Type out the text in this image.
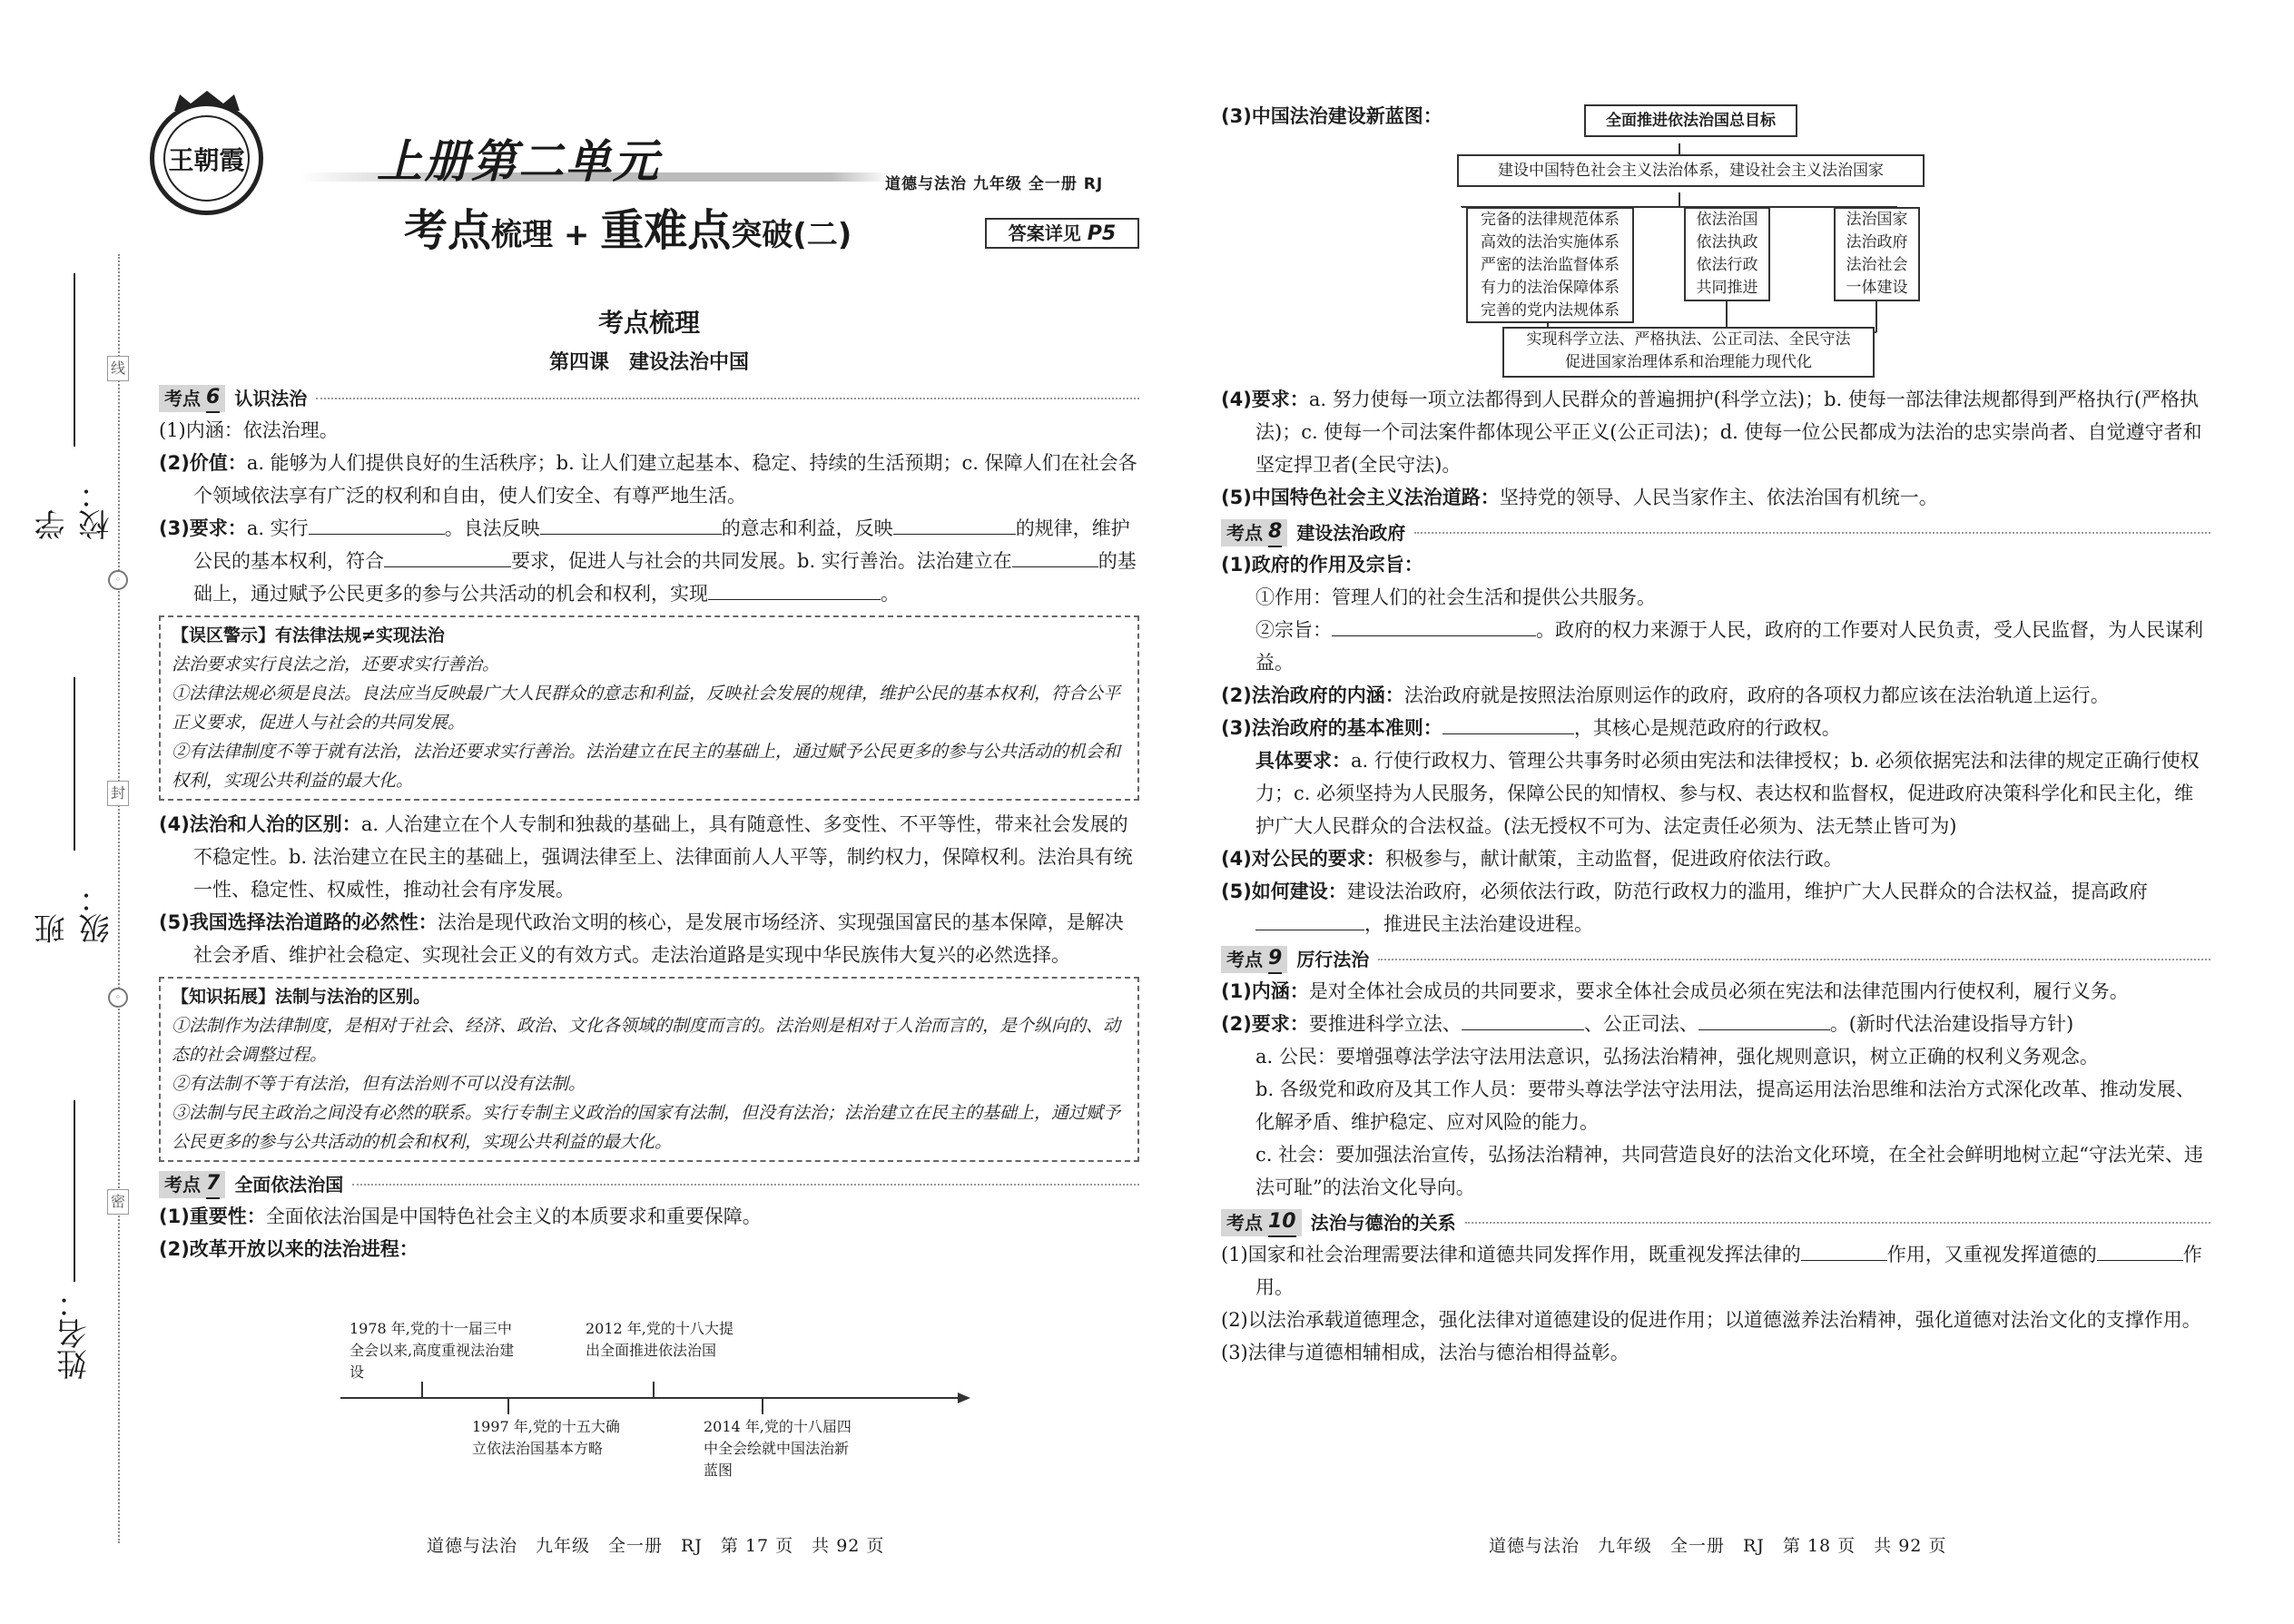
线
◦
封
◦
密
学校：
班级：
姓名：
王朝霞	上册第二单元
考点梳理 + 重难点突破(二)
道德与法治 九年级 全一册 RJ
答案详见 P5
考点梳理
第四课　建设法治中国
考点 6 认识法治

(1)内涵：依法治理。

(2)价值：a. 能够为人们提供良好的生活秩序；b. 让人们建立起基本、稳定、持续的生活预期；c. 保障人们在社会各个领域依法享有广泛的权利和自由，使人们安全、有尊严地生活。

(3)要求：a. 实行	。良法反映	的意志和利益，反映	的规律，维护公民的基本权利，符合	要求，促进人与社会的共同发展。b. 实行善治。法治建立在	的基础上，通过赋予公民更多的参与公共活动的机会和权利，实现	。

【误区警示】有法律法规≠实现法治

法治要求实行良法之治，还要求实行善治。

①法律法规必须是良法。良法应当反映最广大人民群众的意志和利益，反映社会发展的规律，维护公民的基本权利，符合公平正义要求，促进人与社会的共同发展。

②有法律制度不等于就有法治，法治还要求实行善治。法治建立在民主的基础上，通过赋予公民更多的参与公共活动的机会和权利，实现公共利益的最大化。

(4)法治和人治的区别：a. 人治建立在个人专制和独裁的基础上，具有随意性、多变性、不平等性，带来社会发展的不稳定性。b. 法治建立在民主的基础上，强调法律至上、法律面前人人平等，制约权力，保障权利。法治具有统一性、稳定性、权威性，推动社会有序发展。

(5)我国选择法治道路的必然性：法治是现代政治文明的核心，是发展市场经济、实现强国富民的基本保障，是解决社会矛盾、维护社会稳定、实现社会正义的有效方式。走法治道路是实现中华民族伟大复兴的必然选择。

【知识拓展】法制与法治的区别。

①法制作为法律制度，是相对于社会、经济、政治、文化各领域的制度而言的。法治则是相对于人治而言的，是个纵向的、动态的社会调整过程。

②有法制不等于有法治，但有法治则不可以没有法制。

③法制与民主政治之间没有必然的联系。实行专制主义政治的国家有法制，但没有法治；法治建立在民主的基础上，通过赋予公民更多的参与公共活动的机会和权利，实现公共利益的最大化。

考点 7 全面依法治国

(1)重要性：全面依法治国是中国特色社会主义的本质要求和重要保障。

(2)改革开放以来的法治进程：

1978 年,党的十一届三中全会以来,高度重视法治建设
1997 年,党的十五大确立依法治国基本方略
2012 年,党的十八大提出全面推进依法治国
2014 年,党的十八届四中全会绘就中国法治新蓝图
道德与法治　九年级　全一册　RJ　第 17 页　共 92 页

(3)中国法治建设新蓝图：	全面推进依法治国总目标
建设中国特色社会主义法治体系，建设社会主义法治国家
完备的法律规范体系
高效的法治实施体系
严密的法治监督体系
有力的法治保障体系
完善的党内法规体系
依法治国
依法执政
依法行政
共同推进
法治国家
法治政府
法治社会
一体建设
实现科学立法、严格执法、公正司法、全民守法
促进国家治理体系和治理能力现代化

(4)要求：a. 努力使每一项立法都得到人民群众的普遍拥护(科学立法)；b. 使每一部法律法规都得到严格执行(严格执法)；c. 使每一个司法案件都体现公平正义(公正司法)；d. 使每一位公民都成为法治的忠实崇尚者、自觉遵守者和坚定捍卫者(全民守法)。

(5)中国特色社会主义法治道路：坚持党的领导、人民当家作主、依法治国有机统一。

考点 8 建设法治政府

(1)政府的作用及宗旨：

①作用：管理人们的社会生活和提供公共服务。

②宗旨：	。政府的权力来源于人民，政府的工作要对人民负责，受人民监督，为人民谋利益。

(2)法治政府的内涵：法治政府就是按照法治原则运作的政府，政府的各项权力都应该在法治轨道上运行。

(3)法治政府的基本准则：	，其核心是规范政府的行政权。

具体要求：a. 行使行政权力、管理公共事务时必须由宪法和法律授权；b. 必须依据宪法和法律的规定正确行使权力；c. 必须坚持为人民服务，保障公民的知情权、参与权、表达权和监督权，促进政府决策科学化和民主化，维护广大人民群众的合法权益。(法无授权不可为、法定责任必须为、法无禁止皆可为)

(4)对公民的要求：积极参与，献计献策，主动监督，促进政府依法行政。

(5)如何建设：建设法治政府，必须依法行政，防范行政权力的滥用，维护广大人民群众的合法权益，提高政府，推进民主法治建设进程。

考点 9 厉行法治

(1)内涵：是对全体社会成员的共同要求，要求全体社会成员必须在宪法和法律范围内行使权利，履行义务。

(2)要求：要推进科学立法、	、公正司法、	。(新时代法治建设指导方针)

a. 公民：要增强尊法学法守法用法意识，弘扬法治精神，强化规则意识，树立正确的权利义务观念。

b. 各级党和政府及其工作人员：要带头尊法学法守法用法，提高运用法治思维和法治方式深化改革、推动发展、化解矛盾、维护稳定、应对风险的能力。

c. 社会：要加强法治宣传，弘扬法治精神，共同营造良好的法治文化环境，在全社会鲜明地树立起“守法光荣、违法可耻”的法治文化导向。

考点 10 法治与德治的关系

(1)国家和社会治理需要法律和道德共同发挥作用，既重视发挥法律的	作用，又重视发挥道德的	作用。

(2)以法治承载道德理念，强化法律对道德建设的促进作用；以道德滋养法治精神，强化道德对法治文化的支撑作用。

(3)法律与道德相辅相成，法治与德治相得益彰。

道德与法治　九年级　全一册　RJ　第 18 页　共 92 页
